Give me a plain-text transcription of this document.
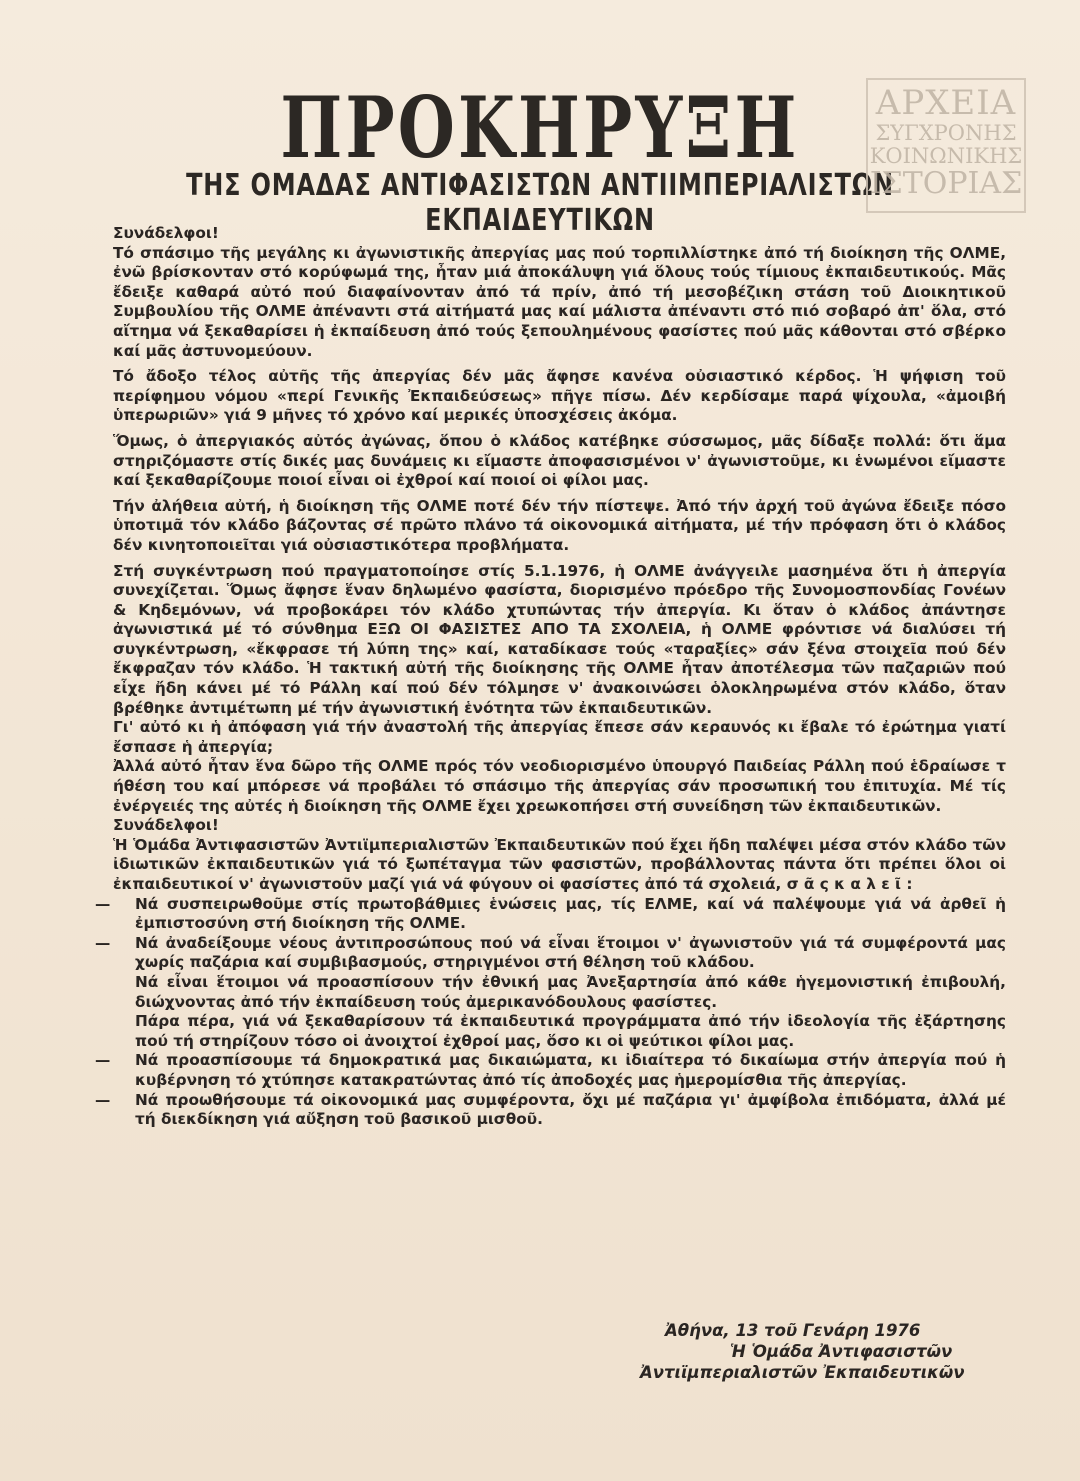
ΠΡΟΚΗΡΥΞΗ
ΤΗΣ ΟΜΑΔΑΣ ΑΝΤΙΦΑΣΙΣΤΩΝ ΑΝΤΙΙΜΠΕΡΙΑΛΙΣΤΩΝ ΕΚΠΑΙΔΕΥΤΙΚΩΝ
ΑΡΧΕΙΑ
ΣΥΓΧΡΟΝΗΣ
ΚΟΙΝΩΝΙΚΗΣ
ΙΣΤΟΡΙΑΣ

Συνάδελφοι!

Τό σπάσιμο τῆς μεγάλης κι ἀγωνιστικῆς ἀπεργίας μας πού τορπιλλίστηκε ἀπό τή διοίκηση τῆς ΟΛΜΕ, ἐνῶ βρίσκονταν στό κορύφωμά της, ἦταν μιά ἀποκάλυψη γιά ὅλους τούς τίμιους ἐκπαιδευτικούς. Μᾶς ἔδειξε καθαρά αὐτό πού διαφαίνονταν ἀπό τά πρίν, ἀπό τή μεσοβέζικη στάση τοῦ Διοικητικοῦ Συμβουλίου τῆς ΟΛΜΕ ἀπέναντι στά αἰτήματά μας καί μάλιστα ἀπέναντι στό πιό σοβαρό ἀπ' ὅλα, στό αἴτημα νά ξεκαθαρίσει ἡ ἐκπαίδευση ἀπό τούς ξεπουλημένους φασίστες πού μᾶς κάθονται στό σβέρκο καί μᾶς ἀστυνομεύουν.

Τό ἄδοξο τέλος αὐτῆς τῆς ἀπεργίας δέν μᾶς ἄφησε κανένα οὐσιαστικό κέρδος. Ἡ ψήφιση τοῦ περίφημου νόμου «περί Γενικῆς Ἐκπαιδεύσεως» πῆγε πίσω. Δέν κερδίσαμε παρά ψίχουλα, «ἀμοιβή ὑπερωριῶν» γιά 9 μῆνες τό χρόνο καί μερικές ὑποσχέσεις ἀκόμα.

Ὅμως, ὁ ἀπεργιακός αὐτός ἀγώνας, ὅπου ὁ κλάδος κατέβηκε σύσσωμος, μᾶς δίδαξε πολλά: ὅτι ἅμα στηριζόμαστε στίς δικές μας δυνάμεις κι εἴμαστε ἀποφασισμένοι ν' ἀγωνιστοῦμε, κι ἑνωμένοι εἴμαστε καί ξεκαθαρίζουμε ποιοί εἶναι οἱ ἐχθροί καί ποιοί οἱ φίλοι μας.

Τήν ἀλήθεια αὐτή, ἡ διοίκηση τῆς ΟΛΜΕ ποτέ δέν τήν πίστεψε. Ἀπό τήν ἀρχή τοῦ ἀγώνα ἔδειξε πόσο ὑποτιμᾶ τόν κλάδο βάζοντας σέ πρῶτο πλάνο τά οἰκονομικά αἰτήματα, μέ τήν πρόφαση ὅτι ὁ κλάδος δέν κινητοποιεῖται γιά οὐσιαστικότερα προβλήματα.

Στή συγκέντρωση πού πραγματοποίησε στίς 5.1.1976, ἡ ΟΛΜΕ ἀνάγγειλε μασημένα ὅτι ἡ ἀπεργία συνεχίζεται. Ὅμως ἄφησε ἕναν δηλωμένο φασίστα, διορισμένο πρόεδρο τῆς Συνομοσπονδίας Γονέων & Κηδεμόνων, νά προβοκάρει τόν κλάδο χτυπώντας τήν ἀπεργία. Κι ὅταν ὁ κλάδος ἀπάντησε ἀγωνιστικά μέ τό σύνθημα ΕΞΩ ΟΙ ΦΑΣΙΣΤΕΣ ΑΠΟ ΤΑ ΣΧΟΛΕΙΑ, ἡ ΟΛΜΕ φρόντισε νά διαλύσει τή συγκέντρωση, «ἔκφρασε τή λύπη της» καί, καταδίκασε τούς «ταραξίες» σάν ξένα στοιχεῖα πού δέν ἔκφραζαν τόν κλάδο. Ἡ τακτική αὐτή τῆς διοίκησης τῆς ΟΛΜΕ ἦταν ἀποτέλεσμα τῶν παζαριῶν πού εἶχε ἤδη κάνει μέ τό Ράλλη καί πού δέν τόλμησε ν' ἀνακοινώσει ὁλοκληρωμένα στόν κλάδο, ὅταν βρέθηκε ἀντιμέτωπη μέ τήν ἀγωνιστική ἑνότητα τῶν ἐκπαιδευτικῶν.

Γι' αὐτό κι ἡ ἀπόφαση γιά τήν ἀναστολή τῆς ἀπεργίας ἔπεσε σάν κεραυνός κι ἔβαλε τό ἐρώτημα γιατί ἔσπασε ἡ ἀπεργία;

Ἀλλά αὐτό ἦταν ἕνα δῶρο τῆς ΟΛΜΕ πρός τόν νεοδιορισμένο ὑπουργό Παιδείας Ράλλη πού ἑδραίωσε τ ήθέση του καί μπόρεσε νά προβάλει τό σπάσιμο τῆς ἀπεργίας σάν προσωπική του ἐπιτυχία. Μέ τίς ἐνέργειές της αὐτές ἡ διοίκηση τῆς ΟΛΜΕ ἔχει χρεωκοπήσει στή συνείδηση τῶν ἐκπαιδευτικῶν.

Συνάδελφοι!

Ἡ Ὁμάδα Ἀντιφασιστῶν Ἀντιϊμπεριαλιστῶν Ἐκπαιδευτικῶν πού ἔχει ἤδη παλέψει μέσα στόν κλάδο τῶν ἰδιωτικῶν ἐκπαιδευτικῶν γιά τό ξωπέταγμα τῶν φασιστῶν, προβάλλοντας πάντα ὅτι πρέπει ὅλοι οἱ ἐκπαιδευτικοί ν' ἀγωνιστοῦν μαζί γιά νά φύγουν οἱ φασίστες ἀπό τά σχολειά, σ ᾶ ς κ α λ ε ῖ :

— Νά συσπειρωθοῦμε στίς πρωτοβάθμιες ἑνώσεις μας, τίς ΕΛΜΕ, καί νά παλέψουμε γιά νά ἀρθεῖ ἡ ἐμπιστοσύνη στή διοίκηση τῆς ΟΛΜΕ.

— Νά ἀναδείξουμε νέους ἀντιπροσώπους πού νά εἶναι ἕτοιμοι ν' ἀγωνιστοῦν γιά τά συμφέροντά μας χωρίς παζάρια καί συμβιβασμούς, στηριγμένοι στή θέληση τοῦ κλάδου.

Νά εἶναι ἕτοιμοι νά προασπίσουν τήν ἐθνική μας Ἀνεξαρτησία ἀπό κάθε ἡγεμονιστική ἐπιβουλή, διώχνοντας ἀπό τήν ἐκπαίδευση τούς ἀμερικανόδουλους φασίστες.

Πάρα πέρα, γιά νά ξεκαθαρίσουν τά ἐκπαιδευτικά προγράμματα ἀπό τήν ἰδεολογία τῆς ἐξάρτησης πού τή στηρίζουν τόσο οἱ ἀνοιχτοί ἐχθροί μας, ὅσο κι οἱ ψεύτικοι φίλοι μας.

— Νά προασπίσουμε τά δημοκρατικά μας δικαιώματα, κι ἰδιαίτερα τό δικαίωμα στήν ἀπεργία πού ἡ κυβέρνηση τό χτύπησε κατακρατώντας ἀπό τίς ἀποδοχές μας ἡμερομίσθια τῆς ἀπεργίας.

— Νά προωθήσουμε τά οἰκονομικά μας συμφέροντα, ὄχι μέ παζάρια γι' ἀμφίβολα ἐπιδόματα, ἀλλά μέ τή διεκδίκηση γιά αὔξηση τοῦ βασικοῦ μισθοῦ.

Ἀθήνα, 13 τοῦ Γενάρη 1976
Ἡ Ὁμάδα Ἀντιφασιστῶν
Ἀντιϊμπεριαλιστῶν Ἐκπαιδευτικῶν
